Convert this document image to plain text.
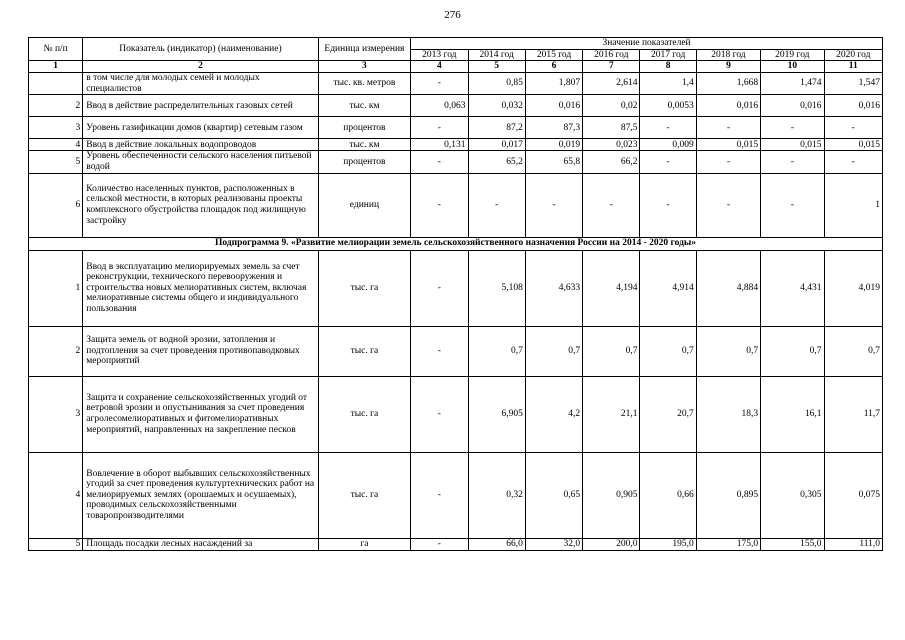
276
№ п/п	Показатель (индикатор) (наименование)	Единица измерения	Значение показателей							
			2013 год	2014 год	2015 год	2016 год	2017 год	2018 год	2019 год	2020 год
1	2	3	4	5	6	7	8	9	10	11
	в том числе для молодых семей и молодых специалистов	тыс. кв. метров	-	0,85	1,807	2,614	1,4	1,668	1,474	1,547
2	Ввод в действие распределительных газовых сетей	тыс. км	0,063	0,032	0,016	0,02	0,0053	0,016	0,016	0,016
3	Уровень газификации домов (квартир) сетевым газом	процентов	-	87,2	87,3	87,5	-	-	-	-
4	Ввод в действие локальных водопроводов	тыс. км	0,131	0,017	0,019	0,023	0,009	0,015	0,015	0,015
5	Уровень обеспеченности сельского населения питьевой водой	процентов	-	65,2	65,8	66,2	-	-	-	-
6	Количество населенных пунктов, расположенных в сельской местности, в которых реализованы проекты комплексного обустройства площадок под жилищную застройку	единиц	-	-	-	-	-	-	-	1
Подпрограмма 9. «Развитие мелиорации земель сельскохозяйственного назначения России на 2014 - 2020 годы»										
1	Ввод в эксплуатацию мелиорируемых земель за счет реконструкции, технического перевооружения и строительства новых мелиоративных систем, включая мелиоративные системы общего и индивидуального пользования	тыс. га	-	5,108	4,633	4,194	4,914	4,884	4,431	4,019
2	Защита земель от водной эрозии, затопления и подтопления за счет проведения противопаводковых мероприятий	тыс. га	-	0,7	0,7	0,7	0,7	0,7	0,7	0,7
3	Защита и сохранение сельскохозяйственных угодий от ветровой эрозии и опустынивания за счет проведения агролесомелиоративных и фитомелиоративных мероприятий, направленных на закрепление песков	тыс. га	-	6,905	4,2	21,1	20,7	18,3	16,1	11,7
4	Вовлечение в оборот выбывших сельскохозяйственных угодий за счет проведения культуртехнических работ на мелиорируемых землях (орошаемых и осушаемых), проводимых сельскохозяйственными товаропроизводителями	тыс. га	-	0,32	0,65	0,905	0,66	0,895	0,305	0,075
5	Площадь посадки лесных насаждений за	га	-	66,0	32,0	200,0	195,0	175,0	155,0	111,0
